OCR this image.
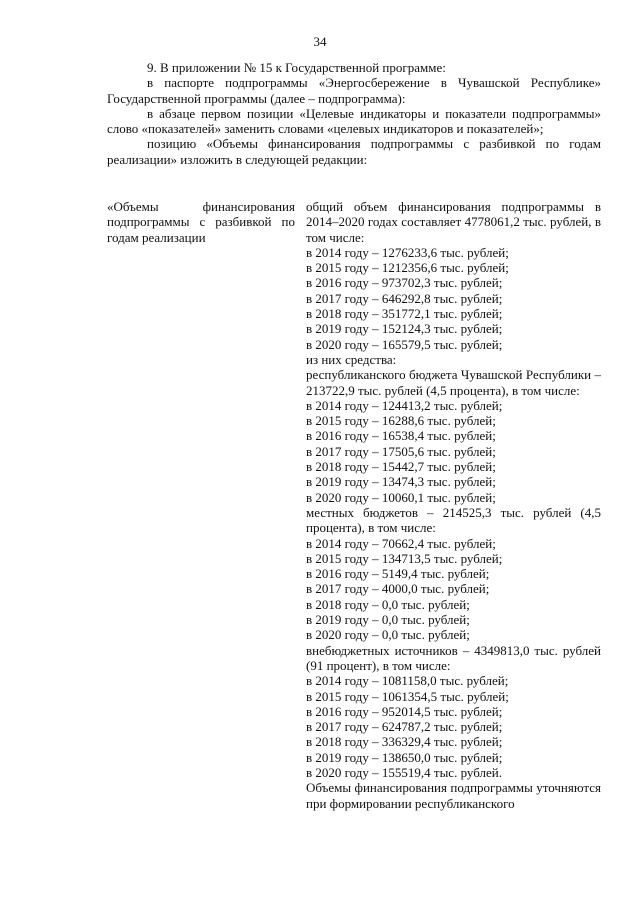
34

9. В приложении № 15 к Государственной программе:

в паспорте подпрограммы «Энергосбережение в Чувашской Республике» Государственной программы (далее – подпрограмма):

в абзаце первом позиции «Целевые индикаторы и показатели подпрограммы» слово «показателей» заменить словами «целевых индикаторов и показателей»;

позицию «Объемы финансирования подпрограммы с разбивкой по годам реализации» изложить в следующей редакции:

«Объемы финансирования подпрограммы с разбивкой по годам реализации

общий объем финансирования подпрограммы в 2014–2020 годах составляет 4778061,2 тыс. рублей, в том числе:

в 2014 году – 1276233,6 тыс. рублей;

в 2015 году – 1212356,6 тыс. рублей;

в 2016 году – 973702,3 тыс. рублей;

в 2017 году – 646292,8 тыс. рублей;

в 2018 году – 351772,1 тыс. рублей;

в 2019 году – 152124,3 тыс. рублей;

в 2020 году – 165579,5 тыс. рублей;

из них средства:

республиканского бюджета Чувашской Республики – 213722,9 тыс. рублей (4,5 процента), в том числе:

в 2014 году – 124413,2 тыс. рублей;

в 2015 году – 16288,6 тыс. рублей;

в 2016 году – 16538,4 тыс. рублей;

в 2017 году – 17505,6 тыс. рублей;

в 2018 году – 15442,7 тыс. рублей;

в 2019 году – 13474,3 тыс. рублей;

в 2020 году – 10060,1 тыс. рублей;

местных бюджетов – 214525,3 тыс. рублей (4,5 процента), в том числе:

в 2014 году – 70662,4 тыс. рублей;

в 2015 году – 134713,5 тыс. рублей;

в 2016 году – 5149,4 тыс. рублей;

в 2017 году – 4000,0 тыс. рублей;

в 2018 году – 0,0 тыс. рублей;

в 2019 году – 0,0 тыс. рублей;

в 2020 году – 0,0 тыс. рублей;

внебюджетных источников – 4349813,0 тыс. рублей (91 процент), в том числе:

в 2014 году – 1081158,0 тыс. рублей;

в 2015 году – 1061354,5 тыс. рублей;

в 2016 году – 952014,5 тыс. рублей;

в 2017 году – 624787,2 тыс. рублей;

в 2018 году – 336329,4 тыс. рублей;

в 2019 году – 138650,0 тыс. рублей;

в 2020 году – 155519,4 тыс. рублей.

Объемы финансирования подпрограммы уточняются при формировании республиканского
